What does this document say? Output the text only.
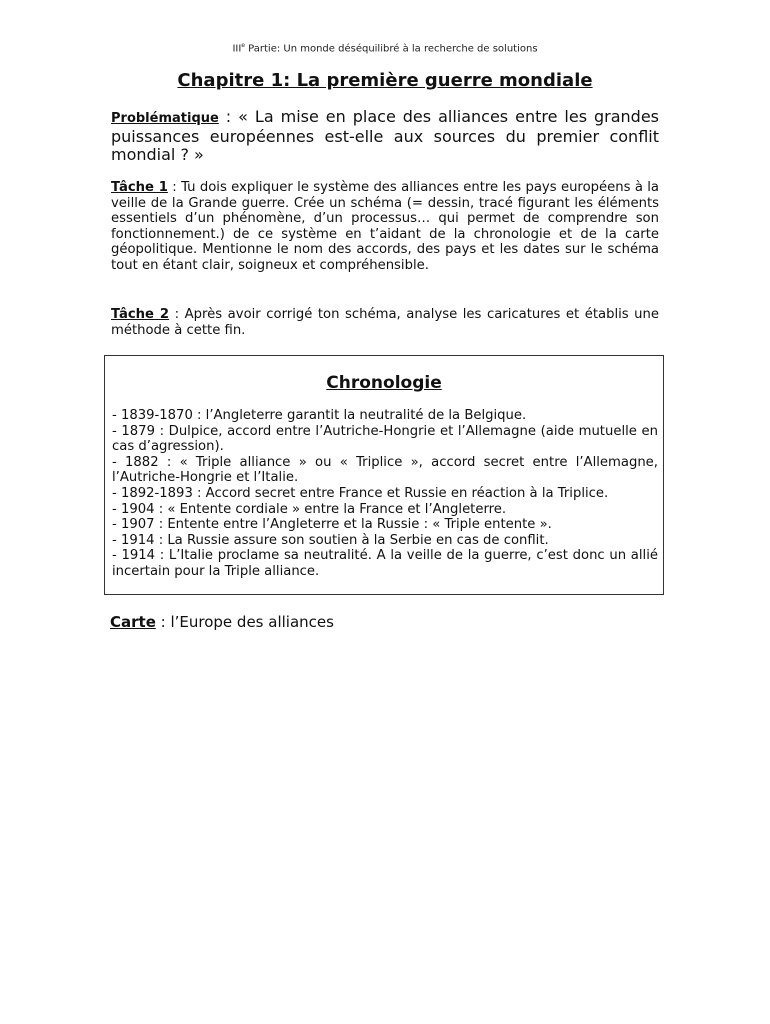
IIIe Partie: Un monde déséquilibré à la recherche de solutions
Chapitre 1: La première guerre mondiale
Problématique : « La mise en place des alliances entre les grandes puissances européennes est-elle aux sources du premier conflit mondial ? »
Tâche 1 : Tu dois expliquer le système des alliances entre les pays européens à la veille de la Grande guerre. Crée un schéma (= dessin, tracé figurant les éléments essentiels d’un phénomène, d’un processus… qui permet de comprendre son fonctionnement.) de ce système en t’aidant de la chronologie et de la carte géopolitique. Mentionne le nom des accords, des pays et les dates sur le schéma tout en étant clair, soigneux et compréhensible.
Tâche 2 : Après avoir corrigé ton schéma, analyse les caricatures et établis une méthode à cette fin.
Chronologie
- 1839-1870 : l’Angleterre garantit la neutralité de la Belgique.
- 1879 : Dulpice, accord entre l’Autriche-Hongrie et l’Allemagne (aide mutuelle en cas d’agression).
- 1882 : « Triple alliance » ou « Triplice », accord secret entre l’Allemagne, l’Autriche-Hongrie et l’Italie.
- 1892-1893 : Accord secret entre France et Russie en réaction à la Triplice.
- 1904 : « Entente cordiale » entre la France et l’Angleterre.
- 1907 : Entente entre l’Angleterre et la Russie : « Triple entente ».
- 1914 : La Russie assure son soutien à la Serbie en cas de conflit.
- 1914 : L’Italie proclame sa neutralité. A la veille de la guerre, c’est donc un allié incertain pour la Triple alliance.
Carte : l’Europe des alliances
